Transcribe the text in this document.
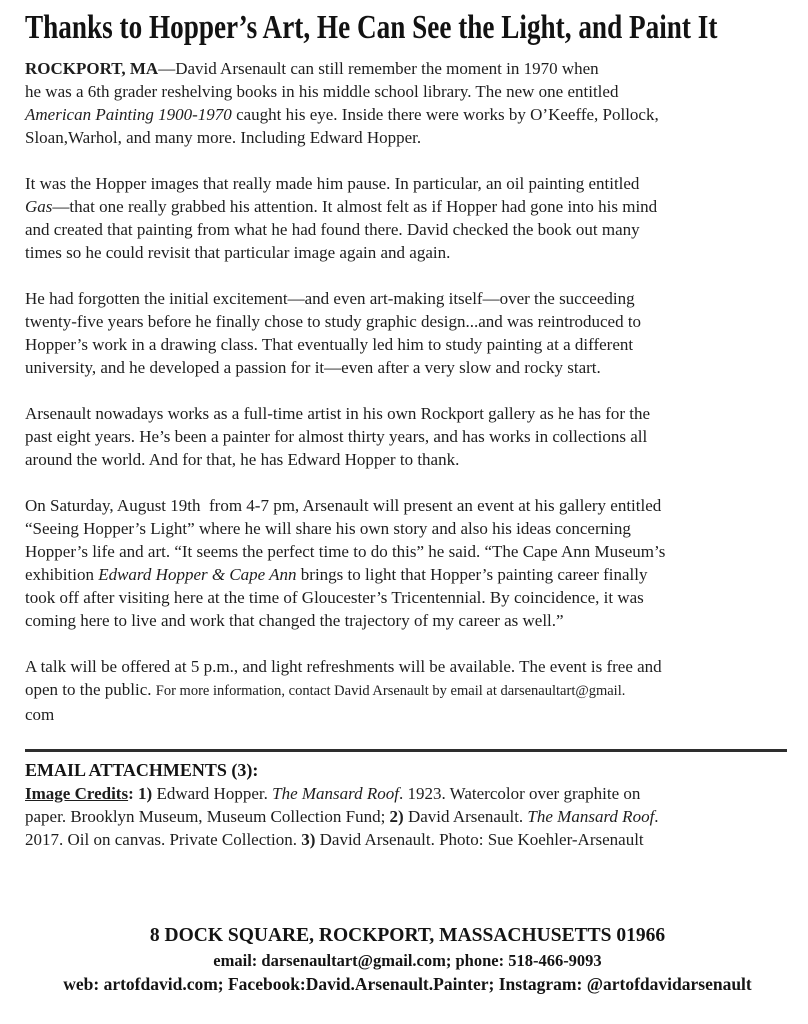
Thanks to Hopper’s Art, He Can See the Light, and Paint It

ROCKPORT, MA—David Arsenault can still remember the moment in 1970 when
he was a 6th grader reshelving books in his middle school library. The new one entitled
American Painting 1900-1970 caught his eye. Inside there were works by O’Keeffe, Pollock,
Sloan,Warhol, and many more. Including Edward Hopper.

It was the Hopper images that really made him pause. In particular, an oil painting entitled
Gas—that one really grabbed his attention. It almost felt as if Hopper had gone into his mind
and created that painting from what he had found there. David checked the book out many
times so he could revisit that particular image again and again.

He had forgotten the initial excitement—and even art-making itself—over the succeeding
twenty-five years before he finally chose to study graphic design...and was reintroduced to
Hopper’s work in a drawing class. That eventually led him to study painting at a different
university, and he developed a passion for it—even after a very slow and rocky start.

Arsenault nowadays works as a full-time artist in his own Rockport gallery as he has for the
past eight years. He’s been a painter for almost thirty years, and has works in collections all
around the world. And for that, he has Edward Hopper to thank.

On Saturday, August 19th  from 4-7 pm, Arsenault will present an event at his gallery entitled
“Seeing Hopper’s Light” where he will share his own story and also his ideas concerning
Hopper’s life and art. “It seems the perfect time to do this” he said. “The Cape Ann Museum’s
exhibition Edward Hopper & Cape Ann brings to light that Hopper’s painting career finally
took off after visiting here at the time of Gloucester’s Tricentennial. By coincidence, it was
coming here to live and work that changed the trajectory of my career as well.”

A talk will be offered at 5 p.m., and light refreshments will be available. The event is free and
open to the public. For more information, contact David Arsenault by email at darsenaultart@gmail.
com

EMAIL ATTACHMENTS (3):

Image Credits: 1) Edward Hopper. The Mansard Roof. 1923. Watercolor over graphite on
paper. Brooklyn Museum, Museum Collection Fund; 2) David Arsenault. The Mansard Roof.
2017. Oil on canvas. Private Collection. 3) David Arsenault. Photo: Sue Koehler-Arsenault

8 DOCK SQUARE, ROCKPORT, MASSACHUSETTS 01966
email: darsenaultart@gmail.com; phone: 518-466-9093
web: artofdavid.com; Facebook:David.Arsenault.Painter; Instagram: @artofdavidarsenault
